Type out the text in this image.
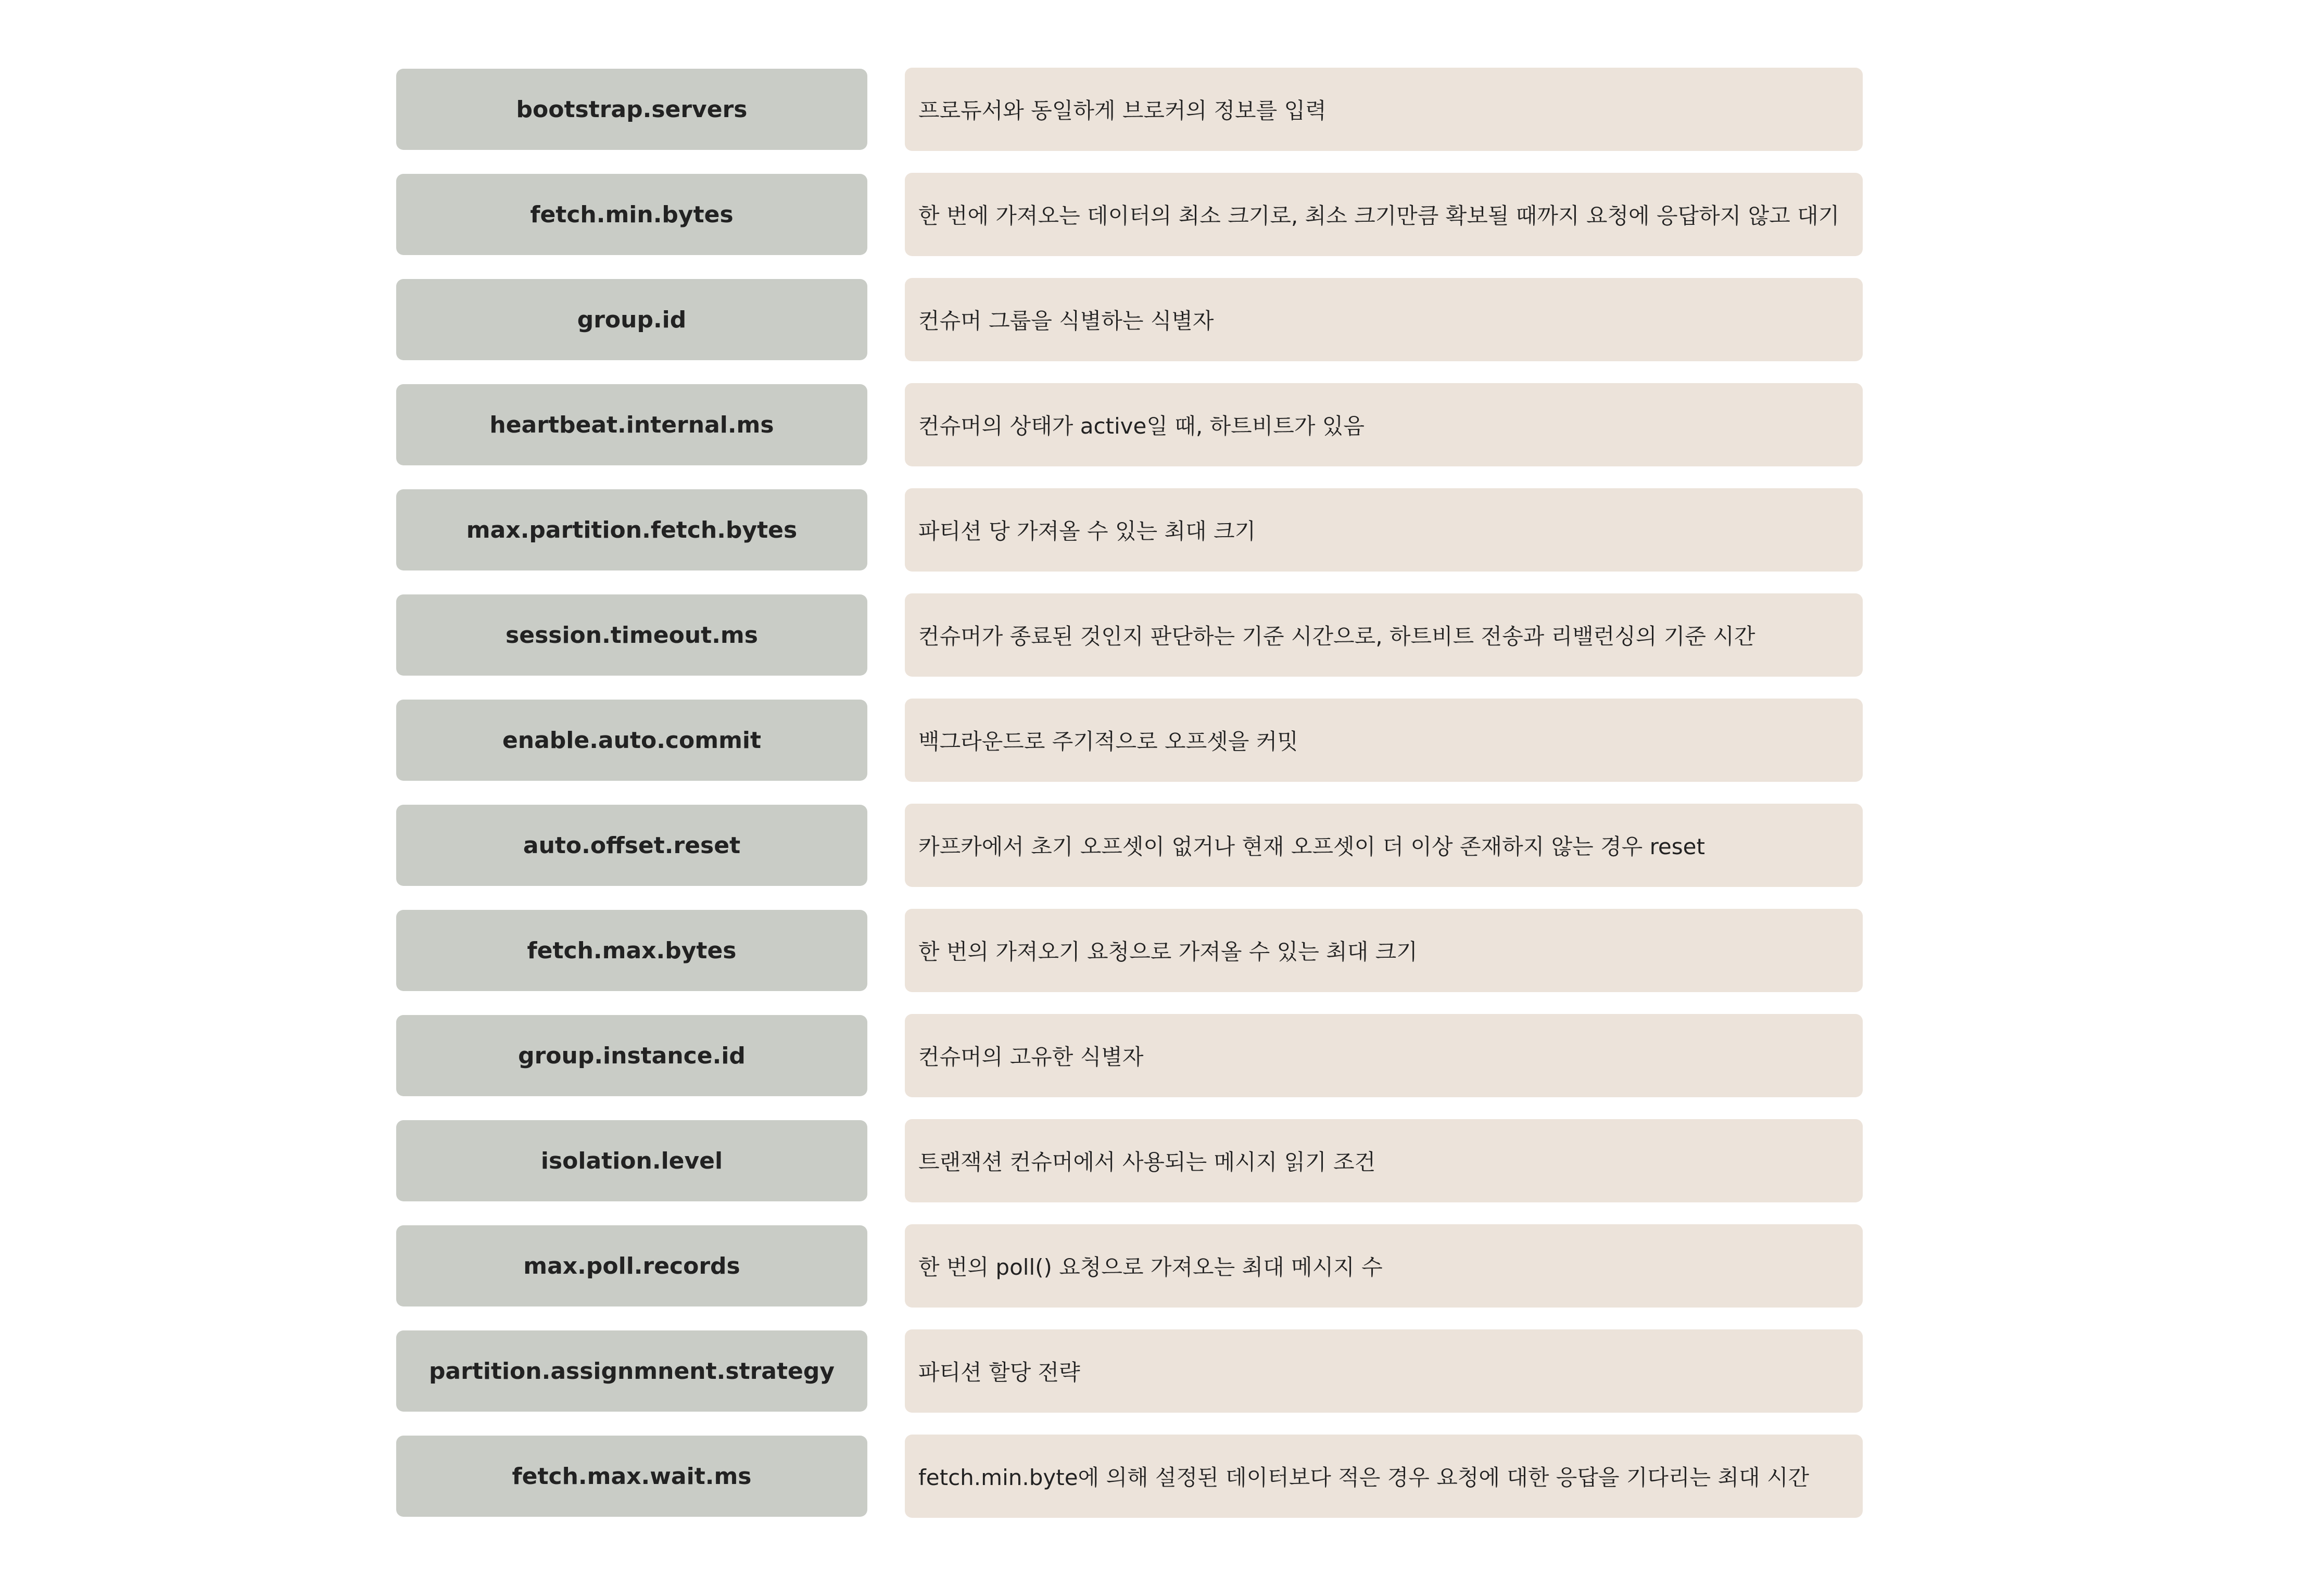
bootstrap.servers	프로듀서와 동일하게 브로커의 정보를 입력
fetch.min.bytes	한 번에 가져오는 데이터의 최소 크기로, 최소 크기만큼 확보될 때까지 요청에 응답하지 않고 대기
group.id	컨슈머 그룹을 식별하는 식별자
heartbeat.internal.ms	컨슈머의 상태가 active일 때, 하트비트가 있음
max.partition.fetch.bytes	파티션 당 가져올 수 있는 최대 크기
session.timeout.ms	컨슈머가 종료된 것인지 판단하는 기준 시간으로, 하트비트 전송과 리밸런싱의 기준 시간
enable.auto.commit	백그라운드로 주기적으로 오프셋을 커밋
auto.offset.reset	카프카에서 초기 오프셋이 없거나 현재 오프셋이 더 이상 존재하지 않는 경우 reset
fetch.max.bytes	한 번의 가져오기 요청으로 가져올 수 있는 최대 크기
group.instance.id	컨슈머의 고유한 식별자
isolation.level	트랜잭션 컨슈머에서 사용되는 메시지 읽기 조건
max.poll.records	한 번의 poll() 요청으로 가져오는 최대 메시지 수
partition.assignmnent.strategy	파티션 할당 전략
fetch.max.wait.ms	fetch.min.byte에 의해 설정된 데이터보다 적은 경우 요청에 대한 응답을 기다리는 최대 시간
